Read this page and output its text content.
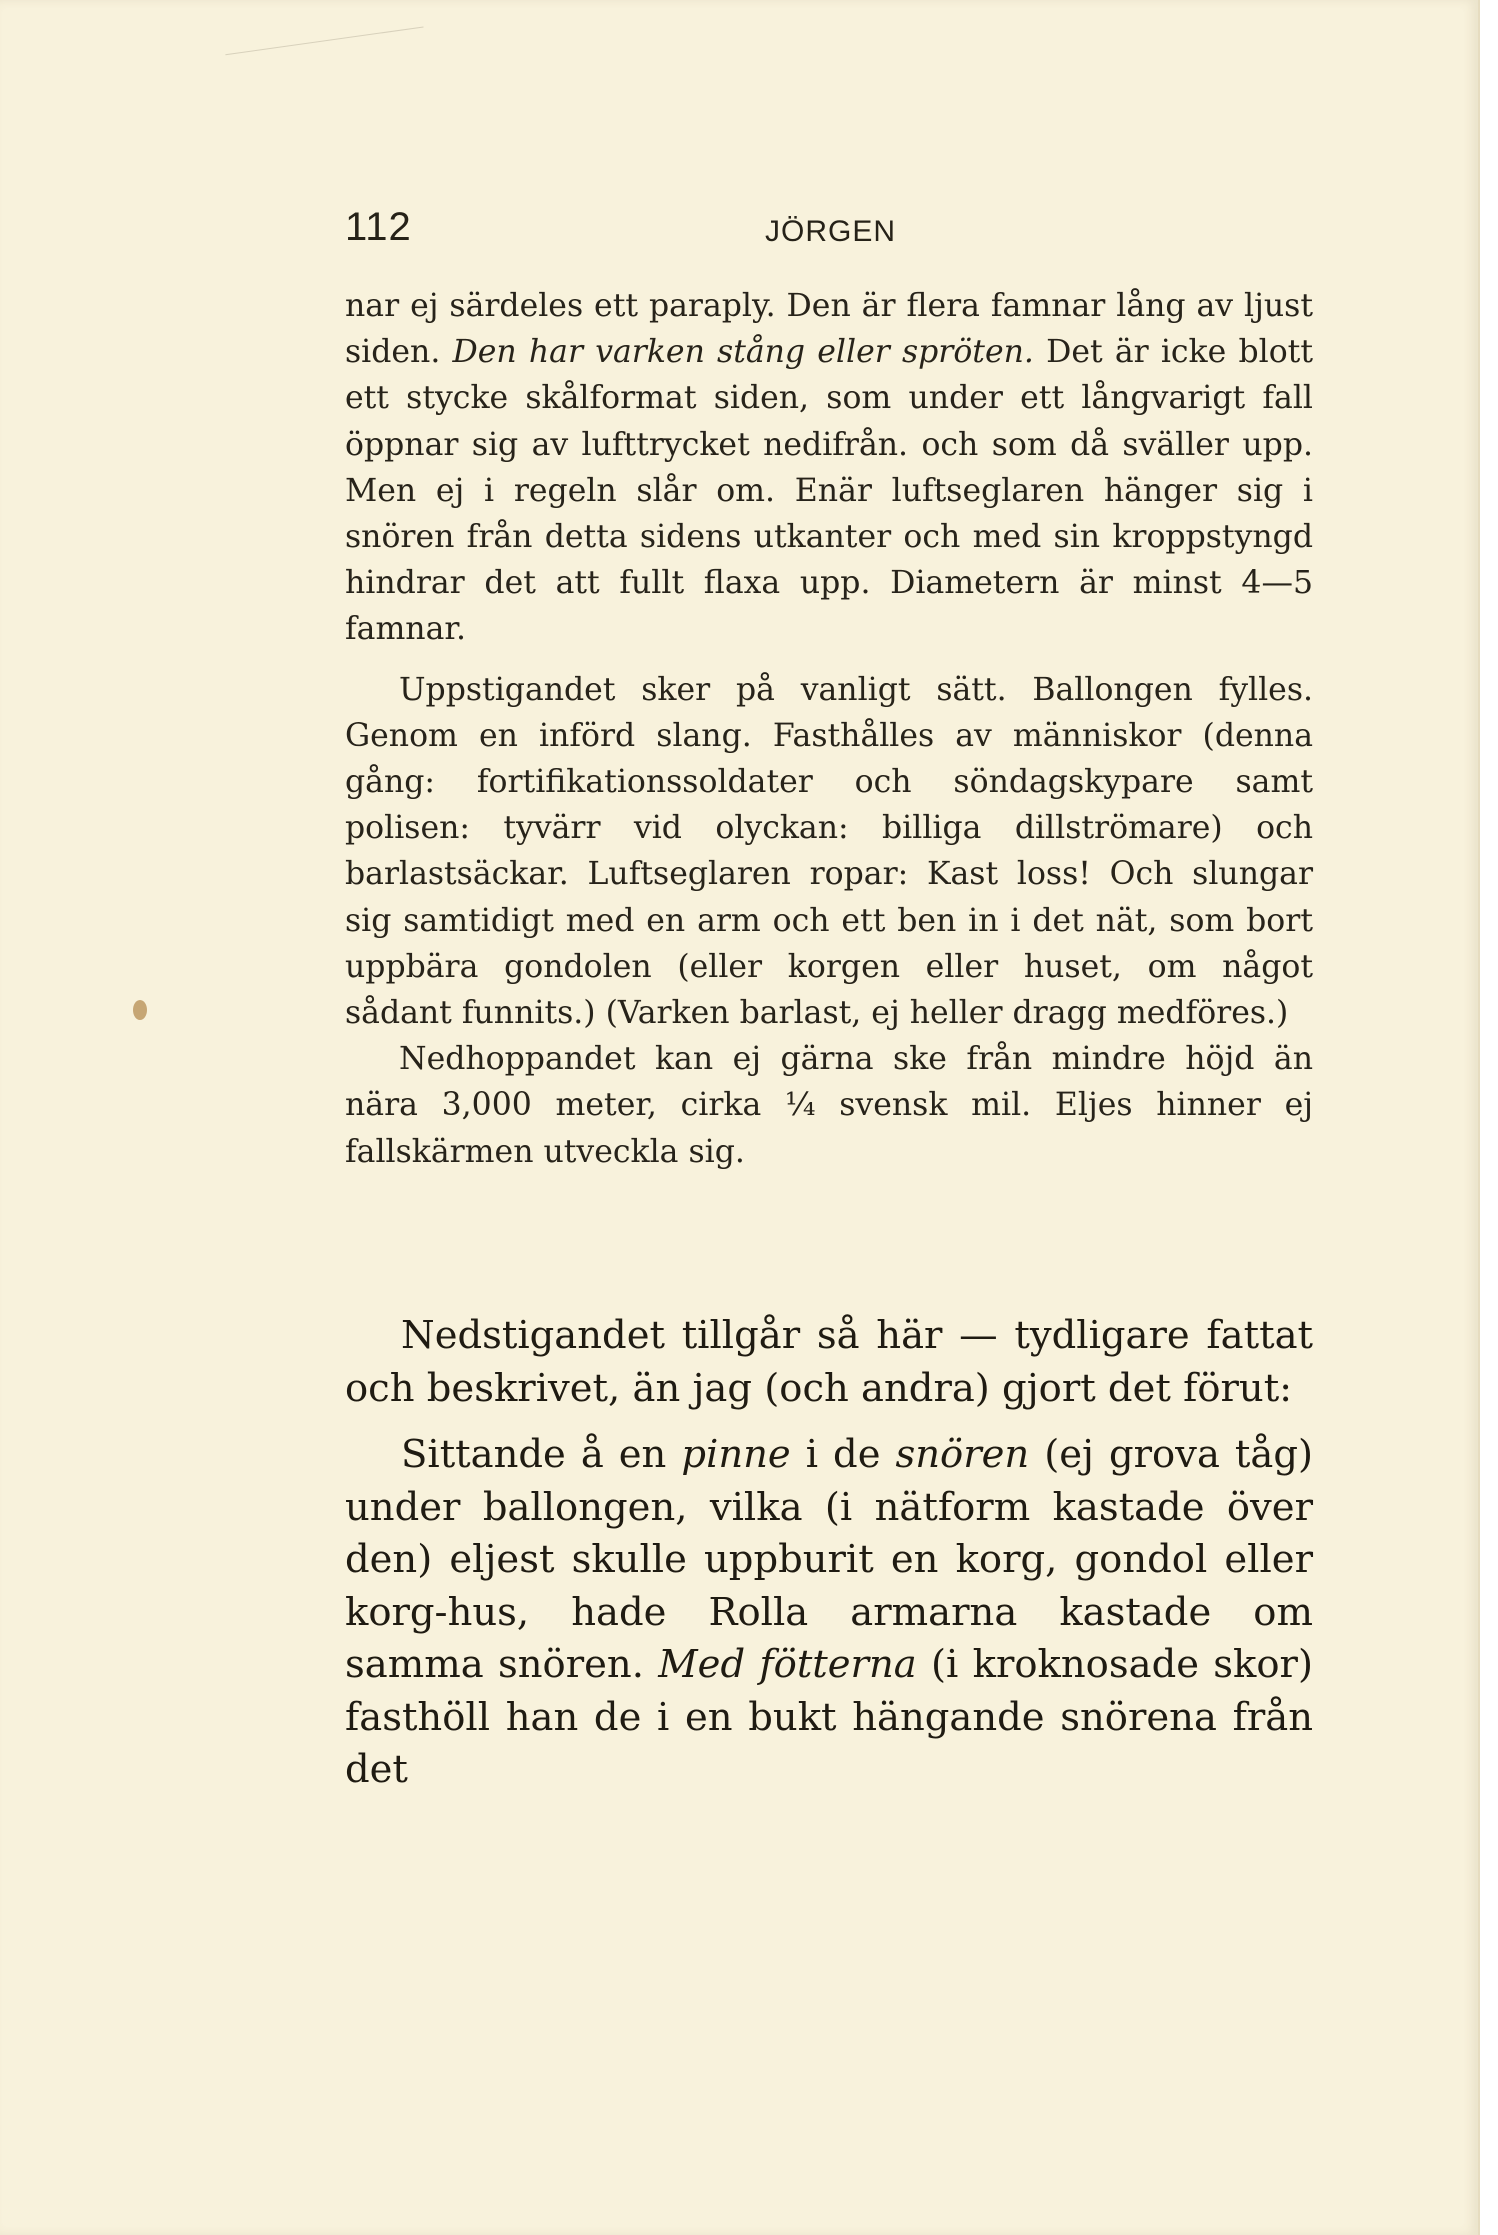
112	JÖRGEN

nar ej särdeles ett paraply. Den är flera famnar lång av ljust siden. Den har varken stång eller spröten. Det är icke blott ett stycke skålformat siden, som under ett långvarigt fall öppnar sig av lufttrycket nedifrån. och som då sväller upp. Men ej i regeln slår om. Enär luftseglaren hänger sig i snören från detta sidens utkanter och med sin kroppstyngd hindrar det att fullt flaxa upp. Diametern är minst 4—5 famnar.

Uppstigandet sker på vanligt sätt. Ballongen fylles. Genom en införd slang. Fasthålles av människor (denna gång: fortifikationssoldater och söndagskypare samt polisen: tyvärr vid olyckan: billiga dillströmare) och barlastsäckar. Luftseglaren ropar: Kast loss! Och slungar sig samtidigt med en arm och ett ben in i det nät, som bort uppbära gondolen (eller korgen eller huset, om något sådant funnits.) (Varken barlast, ej heller dragg medföres.)

Nedhoppandet kan ej gärna ske från mindre höjd än nära 3,000 meter, cirka ¼ svensk mil. Eljes hinner ej fallskärmen utveckla sig.

Nedstigandet tillgår så här — tydligare fattat och beskrivet, än jag (och andra) gjort det förut:

Sittande å en pinne i de snören (ej grova tåg) under ballongen, vilka (i nätform kastade över den) eljest skulle uppburit en korg, gondol eller korg-hus, hade Rolla armarna kastade om samma snören. Med fötterna (i kroknosade skor) fasthöll han de i en bukt hängande snörena från det
